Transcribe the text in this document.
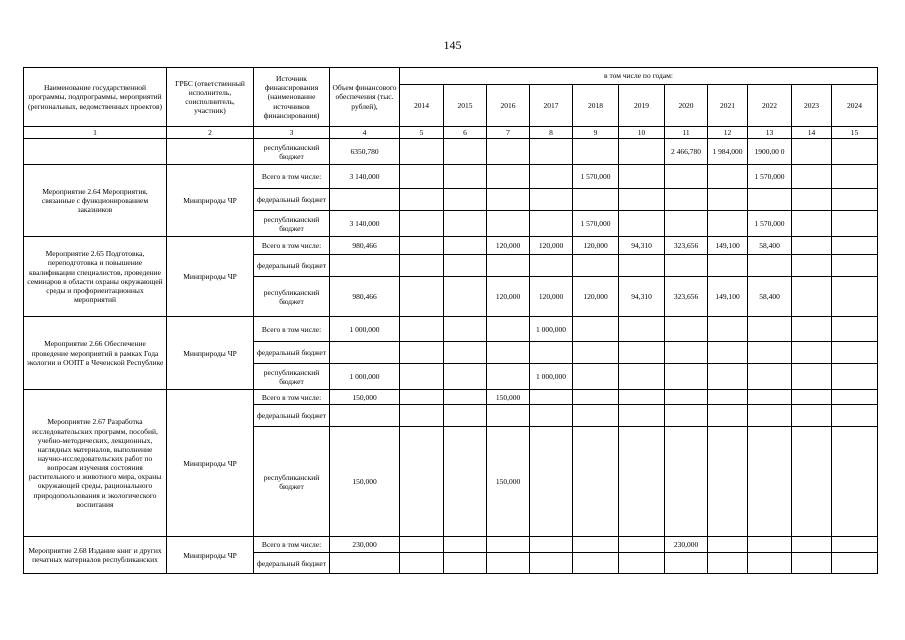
145
Наименование государственной программы, подпрограммы, мероприятий (региональных, ведомственных проектов)	ГРБС (ответственный исполнитель, соисполнитель, участник)	Источник финансирования (наименование источников финансирования)	Объем финансового обеспечения (тыс. рублей),	в том числе по годам:										
				2014	2015	2016	2017	2018	2019	2020	2021	2022	2023	2024
1	2	3	4	5	6	7	8	9	10	11	12	13	14	15
		республиканский бюджет	6350,780							2 466,780	1 984,000	1900,00 0		
Мероприятие 2.64 Мероприятия, связанные с функционированием заказников	Минприроды ЧР	Всего в том числе:	3 140,000					1 570,000				1 570,000		
		федеральный бюджет												
		республиканский бюджет	3 140,000					1 570,000				1 570,000		
Мероприятие 2.65 Подготовка, переподготовка и повышение квалификации специалистов, проведение семинаров в области охраны окружающей среды и профориентационных мероприятий	Минприроды ЧР	Всего в том числе:	980,466			120,000	120,000	120,000	94,310	323,656	149,100	58,400		
		федеральный бюджет												
		республиканский бюджет	980,466			120,000	120,000	120,000	94,310	323,656	149,100	58,400		
Мероприятие 2.66 Обеспечение проведение мероприятий в рамках Года экологии и ООПТ в Чеченской Республике	Минприроды ЧР	Всего в том числе:	1 000,000				1 000,000							
		федеральный бюджет												
		республиканский бюджет	1 000,000				1 000,000							
Мероприятие 2.67 Разработка исследовательских программ, пособий, учебно-методических, лекционных, наглядных материалов, выполнение научно-исследовательских работ по вопросам изучения состояния растительного и животного мира, охраны окружающей среды, рационального природопользования и экологического воспитания	Минприроды ЧР	Всего в том числе:	150,000			150,000								
		федеральный бюджет												
		республиканский бюджет	150,000			150,000								
Мероприятие 2.68 Издание книг и других печатных материалов республиканских	Минприроды ЧР	Всего в том числе:	230,000							230,000				
		федеральный бюджет												
